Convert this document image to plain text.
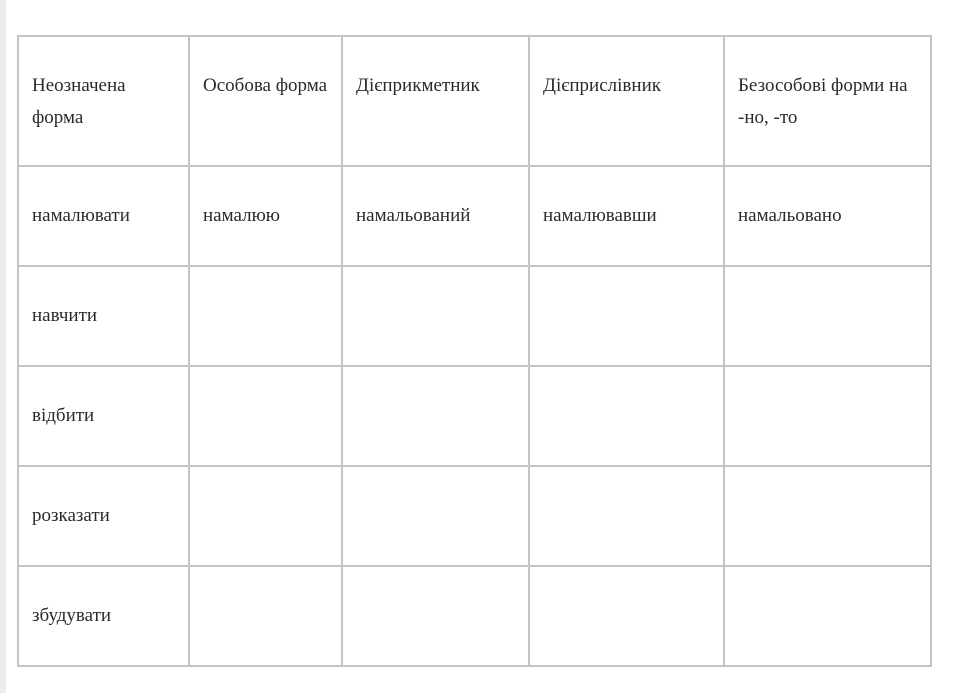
Неозначена форма	Особова форма	Дієприкметник	Дієприслівник	Безособові форми на -но, -то
намалювати	намалюю	намальований	намалювавши	намальовано
навчити				
відбити				
розказати				
збудувати				
